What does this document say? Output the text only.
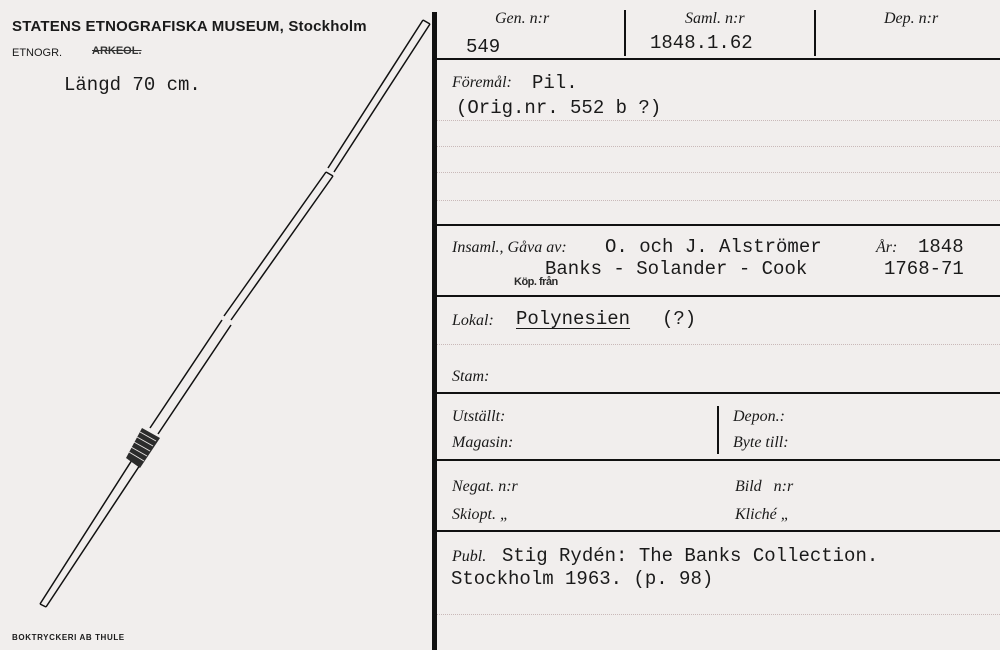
STATENS ETNOGRAFISKA MUSEUM, Stockholm
ETNOGR.	ARKEOL.
Längd 70 cm.
BOKTRYCKERI AB THULE
Gen. n:r
549
Saml. n:r
1848.1.62
Dep. n:r
Föremål: Pil.
(Orig.nr. 552 b ?)
Insaml., Gåva av: O. och J. Alströmer	År: 1848
Banks - Solander - Cook	1768-71
Köp. från
Lokal: Polynesien (?)
Stam:
Utställt:
Magasin:
Depon.:
Byte till:
Negat. n:r
Skiopt. „
Bild   n:r
Kliché „
Publ. Stig Rydén: The Banks Collection.
Stockholm 1963. (p. 98)
